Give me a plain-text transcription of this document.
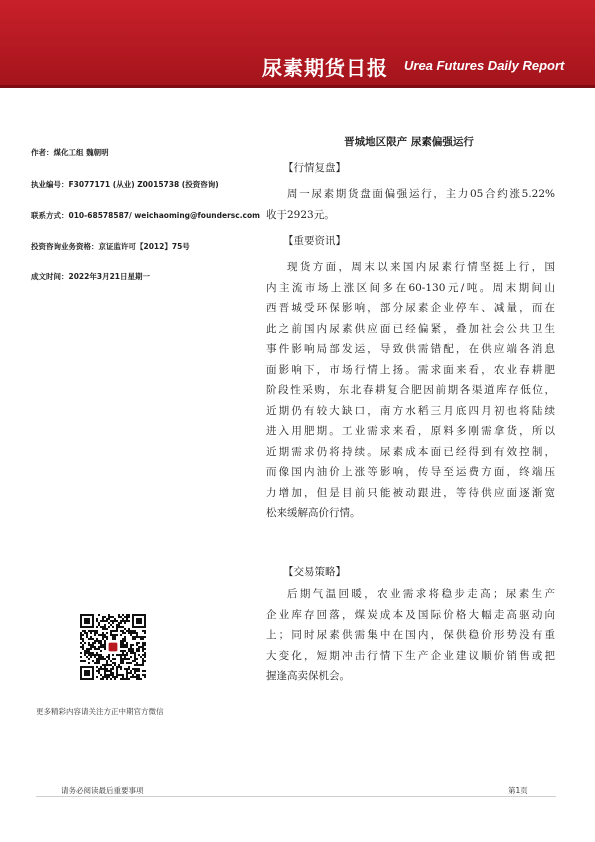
尿素期货日报 Urea Futures Daily Report
作者：煤化工组 魏朝明
执业编号：F3077171 (从业) Z0015738 (投资咨询)
联系方式：010-68578587/ weichaoming@foundersc.com
投资咨询业务资格：京证监许可【2012】75号
成文时间：2022年3月21日星期一
晋城地区限产 尿素偏强运行
【行情复盘】
周一尿素期货盘面偏强运行，主力05合约涨5.22%
收于2923元。
【重要资讯】
现货方面，周末以来国内尿素行情坚挺上行，国
内主流市场上涨区间多在60-130元/吨。周末期间山
西晋城受环保影响，部分尿素企业停车、减量，而在
此之前国内尿素供应面已经偏紧，叠加社会公共卫生
事件影响局部发运，导致供需错配，在供应端各消息
面影响下，市场行情上扬。需求面来看，农业春耕肥
阶段性采购，东北春耕复合肥因前期各渠道库存低位，
近期仍有较大缺口，南方水稻三月底四月初也将陆续
进入用肥期。工业需求来看，原料多刚需拿货，所以
近期需求仍将持续。尿素成本面已经得到有效控制，
而像国内油价上涨等影响，传导至运费方面，终端压
力增加，但是目前只能被动跟进，等待供应面逐渐宽
松来缓解高价行情。
【交易策略】
后期气温回暖，农业需求将稳步走高；尿素生产
企业库存回落，煤炭成本及国际价格大幅走高驱动向
上；同时尿素供需集中在国内，保供稳价形势没有重
大变化，短期冲击行情下生产企业建议顺价销售或把
握逢高卖保机会。
更多精彩内容请关注方正中期官方微信
请务必阅读最后重要事项	第1页
